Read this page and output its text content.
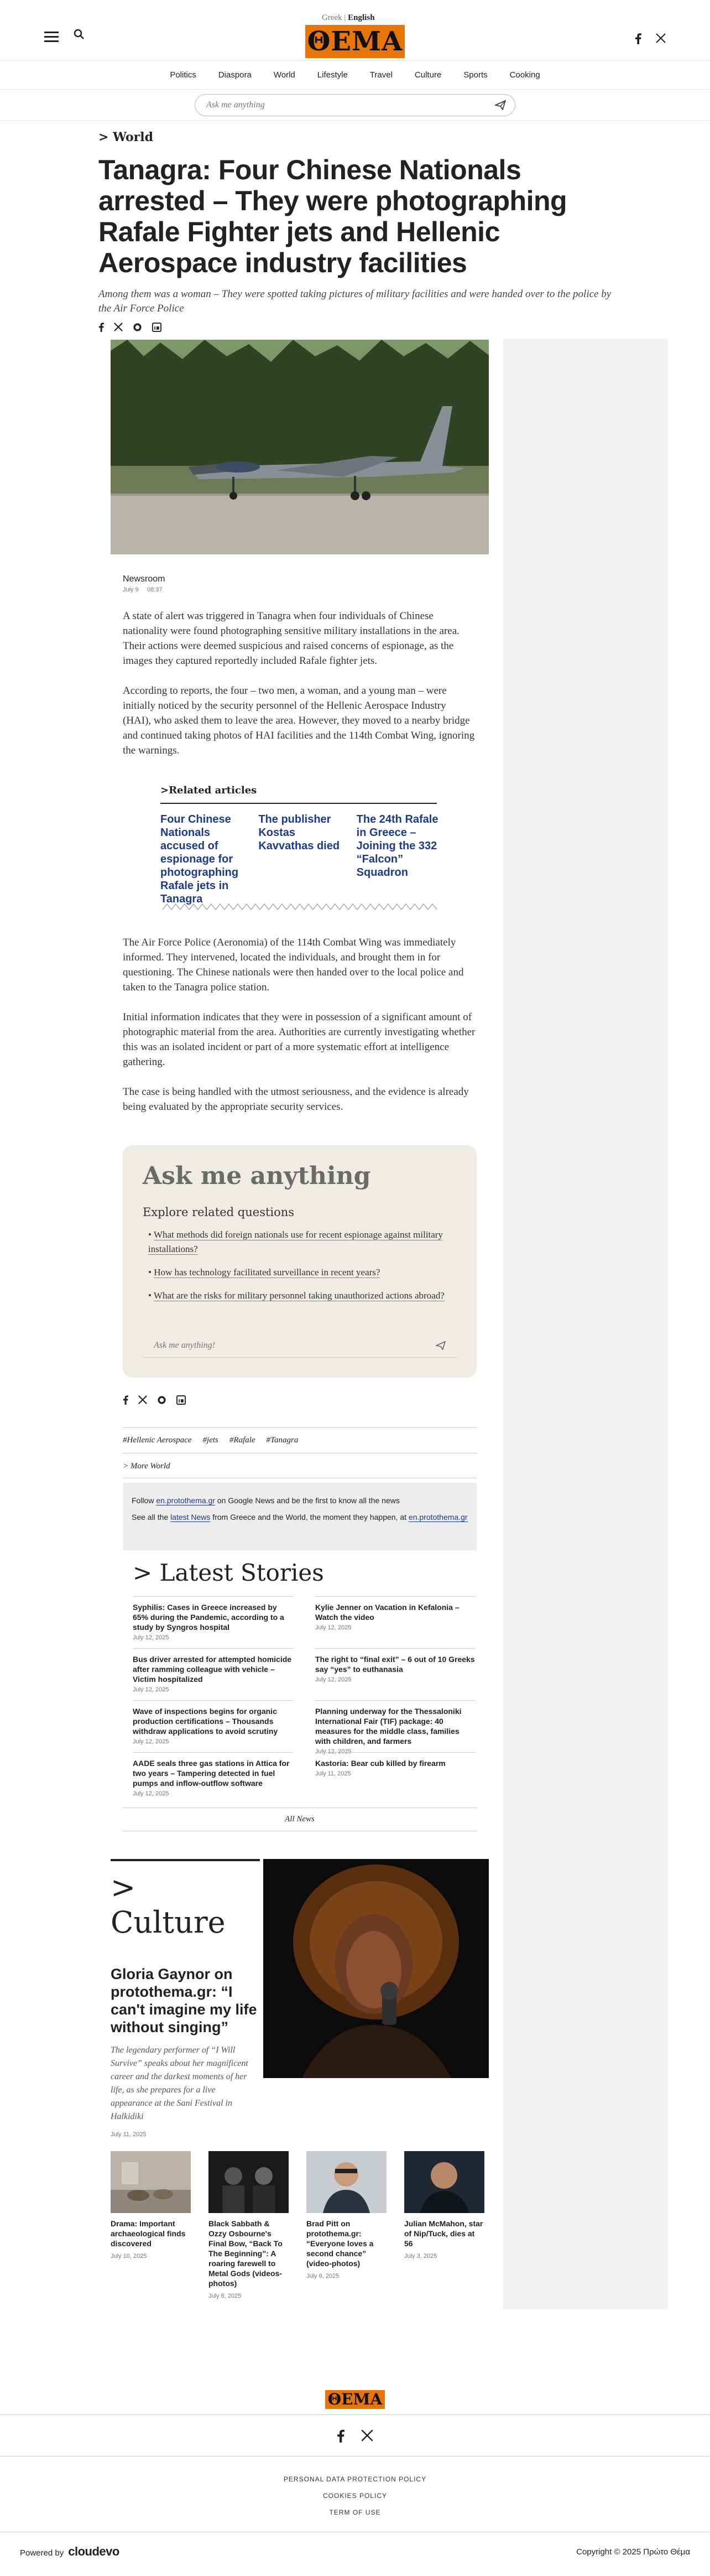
Greek | English
ΘΕΜΑ
Politics	Diaspora	World	Lifestyle	Travel	Culture	Sports	Cooking
Ask me anything
> World
Tanagra: Four Chinese Nationals arrested – They were photographing Rafale Fighter jets and Hellenic Aerospace industry facilities

Among them was a woman – They were spotted taking pictures of military facilities and were handed over to the police by the Air Force Police

Newsroom
July 9 08:37

A state of alert was triggered in Tanagra when four individuals of Chinese nationality were found photographing sensitive military installations in the area. Their actions were deemed suspicious and raised concerns of espionage, as the images they captured reportedly included Rafale fighter jets.

According to reports, the four – two men, a woman, and a young man – were initially noticed by the security personnel of the Hellenic Aerospace Industry (HAI), who asked them to leave the area. However, they moved to a nearby bridge and continued taking photos of HAI facilities and the 114th Combat Wing, ignoring the warnings.

>Related articles
Four Chinese Nationals accused of espionage for photographing Rafale jets in Tanagra
The publisher Kostas Kavvathas died
The 24th Rafale in Greece – Joining the 332 “Falcon” Squadron

The Air Force Police (Aeronomia) of the 114th Combat Wing was immediately informed. They intervened, located the individuals, and brought them in for questioning. The Chinese nationals were then handed over to the local police and taken to the Tanagra police station.

Initial information indicates that they were in possession of a significant amount of photographic material from the area. Authorities are currently investigating whether this was an isolated incident or part of a more systematic effort at intelligence gathering.

The case is being handled with the utmost seriousness, and the evidence is already being evaluated by the appropriate security services.

Ask me anything
Explore related questions
• What methods did foreign nationals use for recent espionage against military installations?
• How has technology facilitated surveillance in recent years?
• What are the risks for military personnel taking unauthorized actions abroad?
Ask me anything!
#Hellenic Aerospace #jets #Rafale #Tanagra
> More World
Follow en.protothema.gr on Google News and be the first to know all the news
See all the latest News from Greece and the World, the moment they happen, at en.protothema.gr
> Latest Stories
Syphilis: Cases in Greece increased by 65% during the Pandemic, according to a study by Syngros hospital
July 12, 2025
Kylie Jenner on Vacation in Kefalonia – Watch the video
July 12, 2025
Bus driver arrested for attempted homicide after ramming colleague with vehicle – Victim hospitalized
July 12, 2025
The right to “final exit” – 6 out of 10 Greeks say “yes” to euthanasia
July 12, 2025
Wave of inspections begins for organic production certifications – Thousands withdraw applications to avoid scrutiny
July 12, 2025
Planning underway for the Thessaloniki International Fair (TIF) package: 40 measures for the middle class, families with children, and farmers
July 12, 2025
AADE seals three gas stations in Attica for two years – Tampering detected in fuel pumps and inflow-outflow software
July 12, 2025
Kastoria: Bear cub killed by firearm
July 11, 2025
All News
> Culture
Gloria Gaynor on protothema.gr: “I can't imagine my life without singing”
The legendary performer of “I Will Survive” speaks about her magnificent career and the darkest moments of her life, as she prepares for a live appearance at the Sani Festival in Halkidiki
July 11, 2025
Drama: Important archaeological finds discovered
July 10, 2025
Black Sabbath & Ozzy Osbourne's Final Bow, “Back To The Beginning”: A roaring farewell to Metal Gods (videos-photos)
July 6, 2025
Brad Pitt on protothema.gr: “Everyone loves a second chance” (video-photos)
July 6, 2025
Julian McMahon, star of Nip/Tuck, dies at 56
July 3, 2025
ΘΕΜΑ
PERSONAL DATA PROTECTION POLICY
COOKIES POLICY
TERM OF USE
Powered by cloudevo	Copyright © 2025 Πρώτο Θέμα
